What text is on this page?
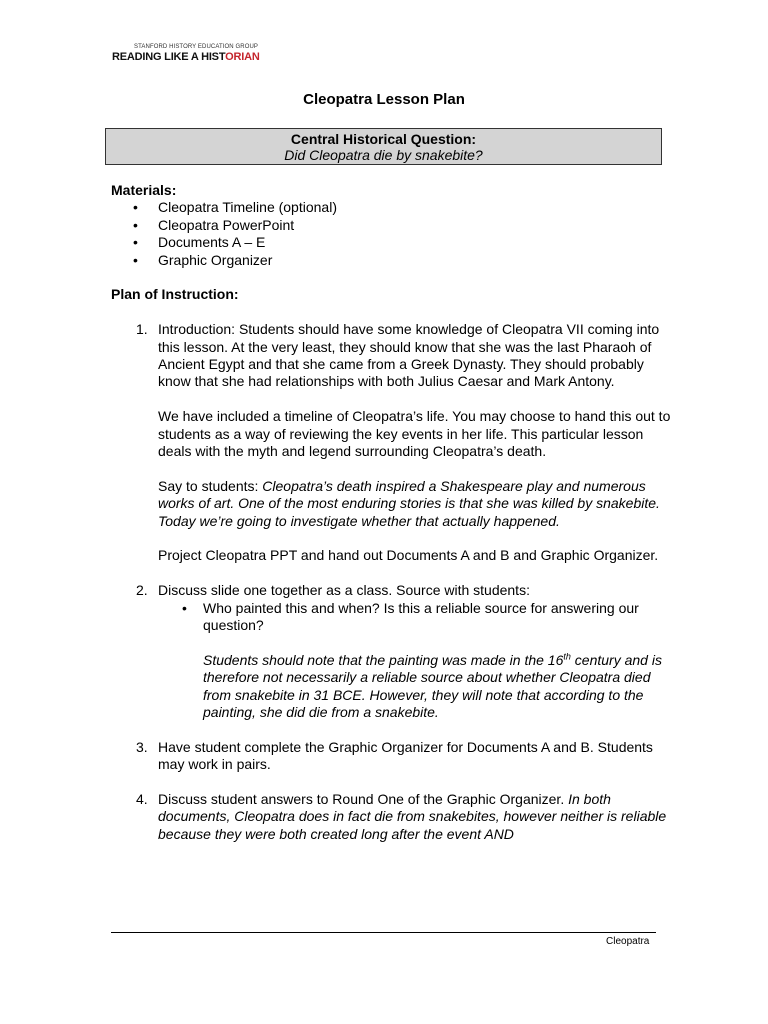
STANFORD HISTORY EDUCATION GROUP
READING LIKE A HISTORIAN
Cleopatra Lesson Plan
Central Historical Question:
Did Cleopatra die by snakebite?
Materials:
• Cleopatra Timeline (optional)
• Cleopatra PowerPoint
• Documents A – E
• Graphic Organizer
Plan of Instruction:
1. Introduction: Students should have some knowledge of Cleopatra VII coming into this lesson. At the very least, they should know that she was the last Pharaoh of Ancient Egypt and that she came from a Greek Dynasty. They should probably know that she had relationships with both Julius Caesar and Mark Antony.

We have included a timeline of Cleopatra’s life. You may choose to hand this out to students as a way of reviewing the key events in her life. This particular lesson deals with the myth and legend surrounding Cleopatra’s death.

Say to students: Cleopatra’s death inspired a Shakespeare play and numerous works of art. One of the most enduring stories is that she was killed by snakebite. Today we’re going to investigate whether that actually happened.

Project Cleopatra PPT and hand out Documents A and B and Graphic Organizer.

2. Discuss slide one together as a class. Source with students:

• Who painted this and when? Is this a reliable source for answering our question?

Students should note that the painting was made in the 16th century and is therefore not necessarily a reliable source about whether Cleopatra died from snakebite in 31 BCE. However, they will note that according to the painting, she did die from a snakebite.

3. Have student complete the Graphic Organizer for Documents A and B. Students may work in pairs.

4. Discuss student answers to Round One of the Graphic Organizer. In both documents, Cleopatra does in fact die from snakebites, however neither is reliable because they were both created long after the event AND

Cleopatra
